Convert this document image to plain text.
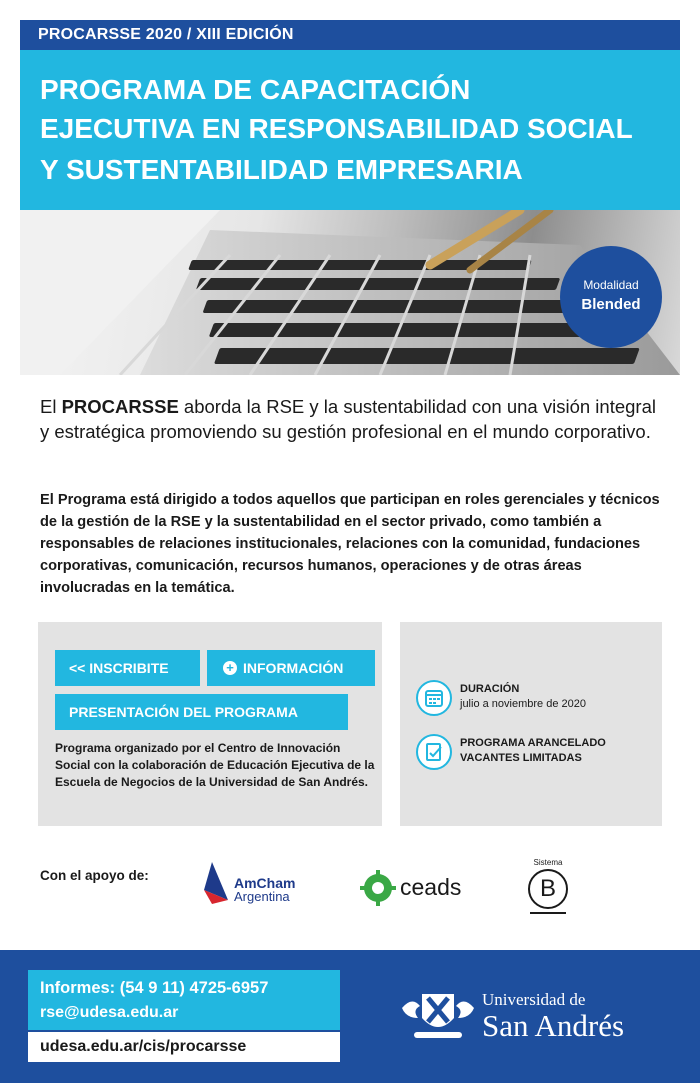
PROCARSSE 2020 / XIII EDICIÓN
PROGRAMA DE CAPACITACIÓN
EJECUTIVA EN RESPONSABILIDAD SOCIAL
Y SUSTENTABILIDAD EMPRESARIA
Modalidad
Blended
El PROCARSSE aborda la RSE y la sustentabilidad con una visión integral y estratégica promoviendo su gestión profesional en el mundo corporativo.
El Programa está dirigido a todos aquellos que participan en roles gerenciales y técnicos de la gestión de la RSE y la sustentabilidad en el sector privado, como también a responsables de relaciones institucionales, relaciones con la comunidad, fundaciones corporativas, comunicación, recursos humanos, operaciones y de otras áreas involucradas en la temática.
<< INSCRIBITE	+ INFORMACIÓN
PRESENTACIÓN DEL PROGRAMA
Programa organizado por el Centro de Innovación Social con la colaboración de Educación Ejecutiva de la Escuela de Negocios de la Universidad de San Andrés.
DURACIÓN
julio a noviembre de 2020
PROGRAMA ARANCELADO
VACANTES LIMITADAS
Con el apoyo de:	AmCham
Argentina	ceads
Sistema
B
Informes: (54 9 11) 4725-6957
rse@udesa.edu.ar
udesa.edu.ar/cis/procarsse
Universidad de
San Andrés
